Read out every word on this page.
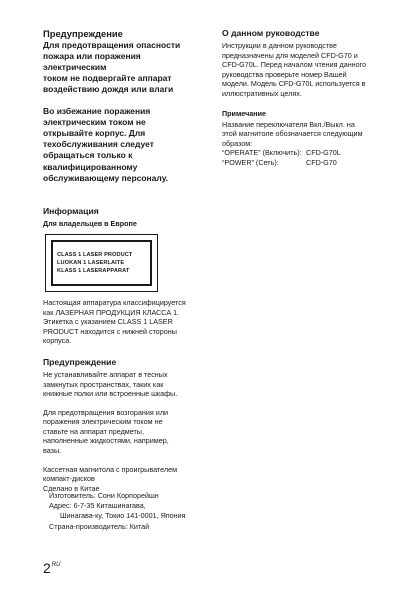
Предупреждение

Для предотвращения опасности

пожара или поражения

электрическим

током не подвергайте аппарат

воздействию дождя или влаги

Во избежание поражения

электрическим током не

открывайте корпус. Для

техобслуживания следует

обращаться только к

квалифицированному

обслуживающему персоналу.

Информация

Для владельцев в Европе

CLASS 1 LASER PRODUCT
LUOKAN 1 LASERLAITE
KLASS 1 LASERAPPARAT

Настоящая аппаратура классифицируется

как ЛАЗЕРНАЯ ПРОДУКЦИЯ КЛАССА 1.

Этикетка с указанием CLASS 1 LASER

PRODUCT находится с нижней стороны

корпуса.

Предупреждение

Не устанавливайте аппарат в тесных

замкнутых пространствах, таких как

книжные полки или встроенные шкафы.

Для предотвращения возгорания или

поражения электрическим током не

ставьте на аппарат предметы,

наполненные жидкостями, например,

вазы.

Кассетная магнитола с проигрывателем

компакт-дисков

Сделано в Китае

О данном руководстве

Инструкции в данном руководстве

предназначены для моделей CFD-G70 и

CFD-G70L. Перед началом чтения данного

руководства проверьте номер Вашей

модели. Модель CFD-G70L используется в

иллюстративных целях.

Примечание

Название переключателя Вкл./Выкл. на

этой магнитоле обозначается следующим

образом:

“OPERATE” (Включить): CFD-G70L
“POWER” (Сеть):	CFD-G70

Изготовитель: Сони Корпорейшн

Адрес: 6-7-35 Киташинагава,

Шинагава-ку, Токио 141-0001, Япония

Страна-производитель: Китай

2 RU
